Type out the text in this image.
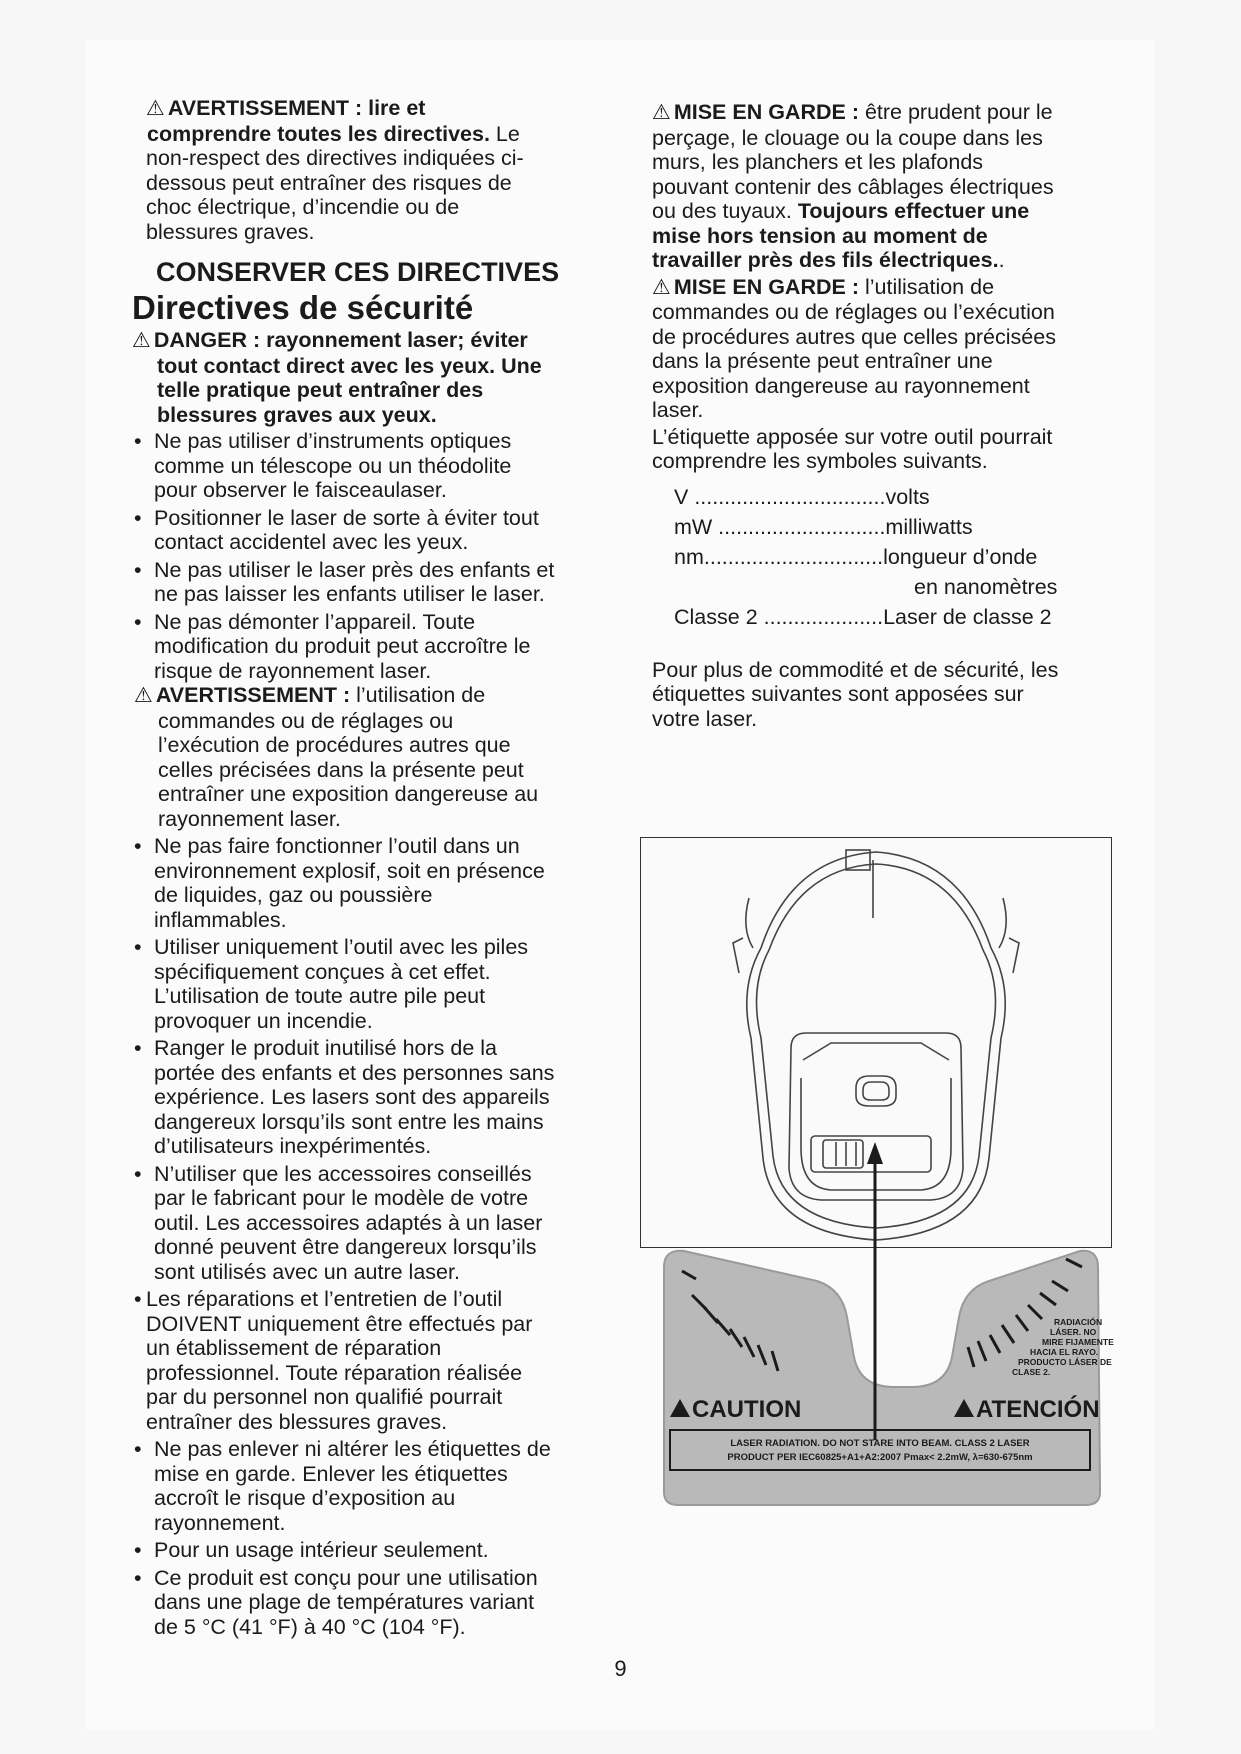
⚠ AVERTISSEMENT : lire et

comprendre toutes les directives. Le

non-respect des directives indiquées ci-

dessous peut entraîner des risques de

choc électrique, d’incendie ou de

blessures graves.

CONSERVER CES DIRECTIVES

Directives de sécurité

⚠ DANGER : rayonnement laser; éviter

tout contact direct avec les yeux. Une

telle pratique peut entraîner des

blessures graves aux yeux.

• Ne pas utiliser d’instruments optiques
comme un télescope ou un théodolite
pour observer le faisceaulaser.
• Positionner le laser de sorte à éviter tout
contact accidentel avec les yeux.
• Ne pas utiliser le laser près des enfants et
ne pas laisser les enfants utiliser le laser.
• Ne pas démonter l’appareil. Toute
modification du produit peut accroître le
risque de rayonnement laser.

⚠ AVERTISSEMENT : l’utilisation de

commandes ou de réglages ou

l’exécution de procédures autres que

celles précisées dans la présente peut

entraîner une exposition dangereuse au

rayonnement laser.

• Ne pas faire fonctionner l’outil dans un
environnement explosif, soit en présence
de liquides, gaz ou poussière
inflammables.
• Utiliser uniquement l’outil avec les piles
spécifiquement conçues à cet effet.
L’utilisation de toute autre pile peut
provoquer un incendie.
• Ranger le produit inutilisé hors de la
portée des enfants et des personnes sans
expérience. Les lasers sont des appareils
dangereux lorsqu’ils sont entre les mains
d’utilisateurs inexpérimentés.
• N’utiliser que les accessoires conseillés
par le fabricant pour le modèle de votre
outil. Les accessoires adaptés à un laser
donné peuvent être dangereux lorsqu’ils
sont utilisés avec un autre laser.
• Les réparations et l’entretien de l’outil
DOIVENT uniquement être effectués par
un établissement de réparation
professionnel. Toute réparation réalisée
par du personnel non qualifié pourrait
entraîner des blessures graves.
• Ne pas enlever ni altérer les étiquettes de
mise en garde. Enlever les étiquettes
accroît le risque d’exposition au
rayonnement.
• Pour un usage intérieur seulement.
• Ce produit est conçu pour une utilisation
dans une plage de températures variant
de 5 °C (41 °F) à 40 °C (104 °F).

⚠ MISE EN GARDE : être prudent pour le

perçage, le clouage ou la coupe dans les

murs, les planchers et les plafonds

pouvant contenir des câblages électriques

ou des tuyaux. Toujours effectuer une

mise hors tension au moment de

travailler près des fils électriques..

⚠ MISE EN GARDE : l’utilisation de

commandes ou de réglages ou l’exécution

de procédures autres que celles précisées

dans la présente peut entraîner une

exposition dangereuse au rayonnement

laser.

L’étiquette apposée sur votre outil pourrait

comprendre les symboles suivants.

V ................................volts

mW ............................milliwatts

nm..............................longueur d’onde

en nanomètres

Classe 2 ....................Laser de classe 2

Pour plus de commodité et de sécurité, les

étiquettes suivantes sont apposées sur

votre laser.

RADIACIÓN
LÁSER. NO
MIRE FIJAMENTE
HACIA EL RAYO.
PRODUCTO LÁSER DE
CLASE 2.
CAUTION	ATENCIÓN
LASER RADIATION. DO NOT STARE INTO BEAM. CLASS 2 LASER
PRODUCT PER IEC60825+A1+A2:2007 Pmax< 2.2mW, λ=630-675nm
9
